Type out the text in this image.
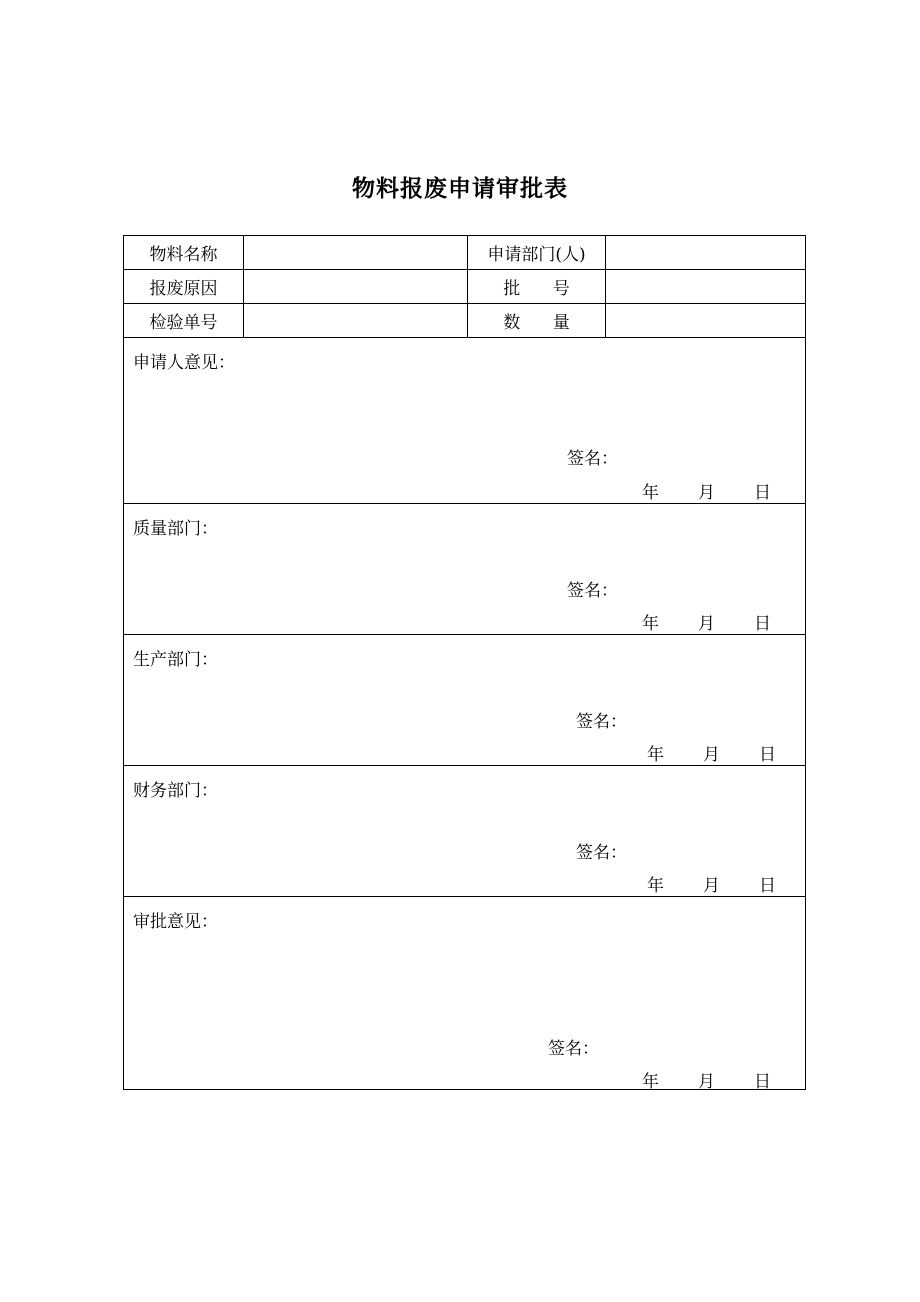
物料报废申请审批表
物料名称	申请部门(人)
报废原因	批      号
检验单号	数      量
申请人意见：
签名：
年 月 日
质量部门：
签名：
年 月 日
生产部门：
签名：
年 月 日
财务部门：
签名：
年 月 日
审批意见：
签名：
年 月 日
